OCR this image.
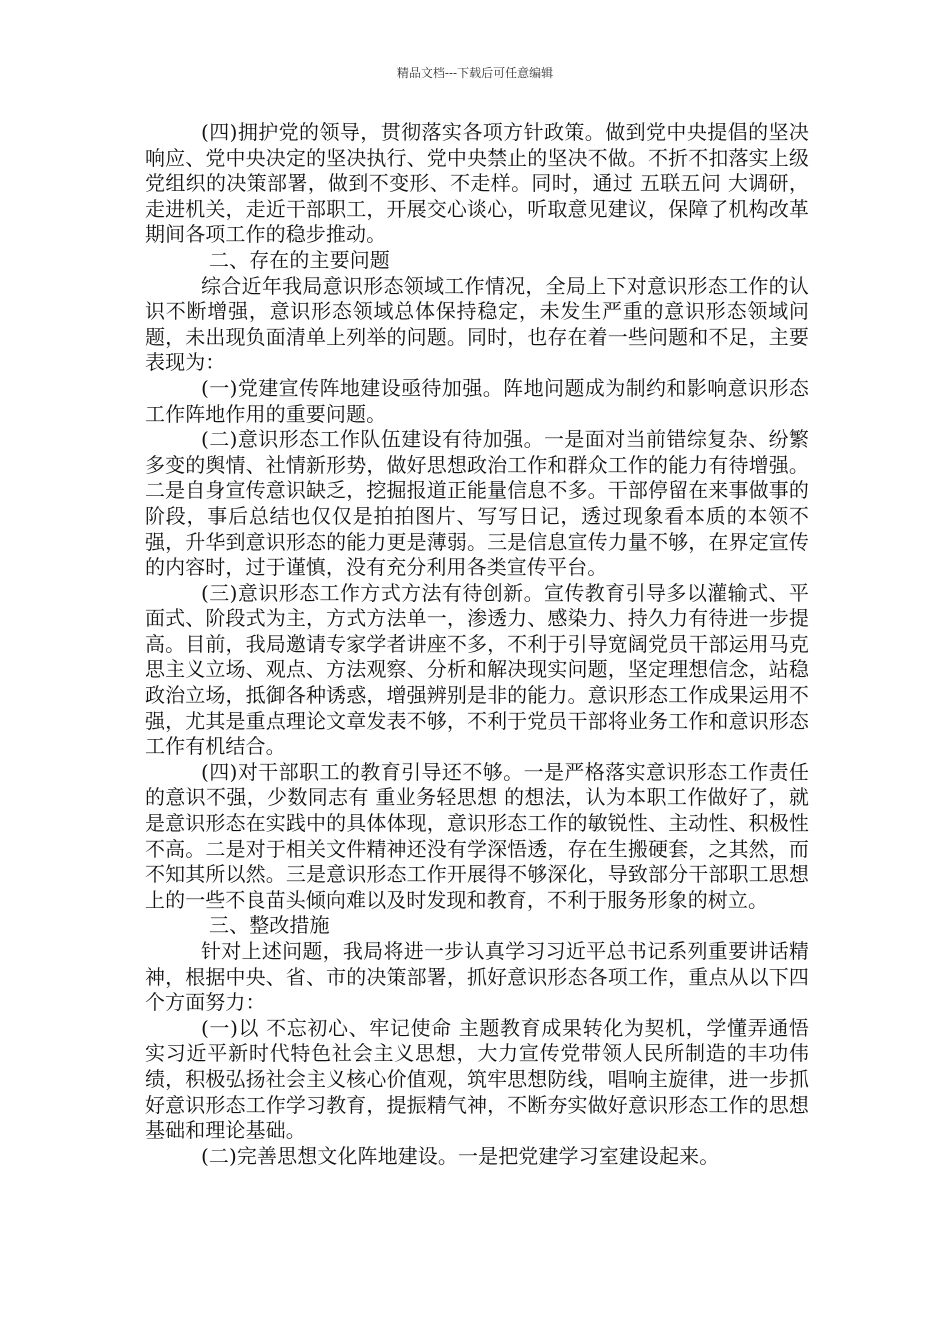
精品文档---下载后可任意编辑

(四)拥护党的领导，贯彻落实各项方针政策。做到党中央提倡的坚决响应、党中央决定的坚决执行、党中央禁止的坚决不做。不折不扣落实上级党组织的决策部署，做到不变形、不走样。同时，通过 五联五问 大调研，走进机关，走近干部职工，开展交心谈心，听取意见建议，保障了机构改革期间各项工作的稳步推动。

二、存在的主要问题

综合近年我局意识形态领域工作情况，全局上下对意识形态工作的认识不断增强，意识形态领域总体保持稳定，未发生严重的意识形态领域问题，未出现负面清单上列举的问题。同时，也存在着一些问题和不足，主要表现为：

(一)党建宣传阵地建设亟待加强。阵地问题成为制约和影响意识形态工作阵地作用的重要问题。

(二)意识形态工作队伍建设有待加强。一是面对当前错综复杂、纷繁多变的舆情、社情新形势，做好思想政治工作和群众工作的能力有待增强。二是自身宣传意识缺乏，挖掘报道正能量信息不多。干部停留在来事做事的阶段，事后总结也仅仅是拍拍图片、写写日记，透过现象看本质的本领不强，升华到意识形态的能力更是薄弱。三是信息宣传力量不够，在界定宣传的内容时，过于谨慎，没有充分利用各类宣传平台。

(三)意识形态工作方式方法有待创新。宣传教育引导多以灌输式、平面式、阶段式为主，方式方法单一，渗透力、感染力、持久力有待进一步提高。目前，我局邀请专家学者讲座不多，不利于引导宽阔党员干部运用马克思主义立场、观点、方法观察、分析和解决现实问题，坚定理想信念，站稳政治立场，抵御各种诱惑，增强辨别是非的能力。意识形态工作成果运用不强，尤其是重点理论文章发表不够，不利于党员干部将业务工作和意识形态工作有机结合。

(四)对干部职工的教育引导还不够。一是严格落实意识形态工作责任的意识不强，少数同志有 重业务轻思想 的想法，认为本职工作做好了，就是意识形态在实践中的具体体现，意识形态工作的敏锐性、主动性、积极性不高。二是对于相关文件精神还没有学深悟透，存在生搬硬套，之其然，而不知其所以然。三是意识形态工作开展得不够深化，导致部分干部职工思想上的一些不良苗头倾向难以及时发现和教育，不利于服务形象的树立。

三、整改措施

针对上述问题，我局将进一步认真学习习近平总书记系列重要讲话精神，根据中央、省、市的决策部署，抓好意识形态各项工作，重点从以下四个方面努力：

(一)以 不忘初心、牢记使命 主题教育成果转化为契机，学懂弄通悟实习近平新时代特色社会主义思想，大力宣传党带领人民所制造的丰功伟绩，积极弘扬社会主义核心价值观，筑牢思想防线，唱响主旋律，进一步抓好意识形态工作学习教育，提振精气神，不断夯实做好意识形态工作的思想基础和理论基础。

(二)完善思想文化阵地建设。一是把党建学习室建设起来。
